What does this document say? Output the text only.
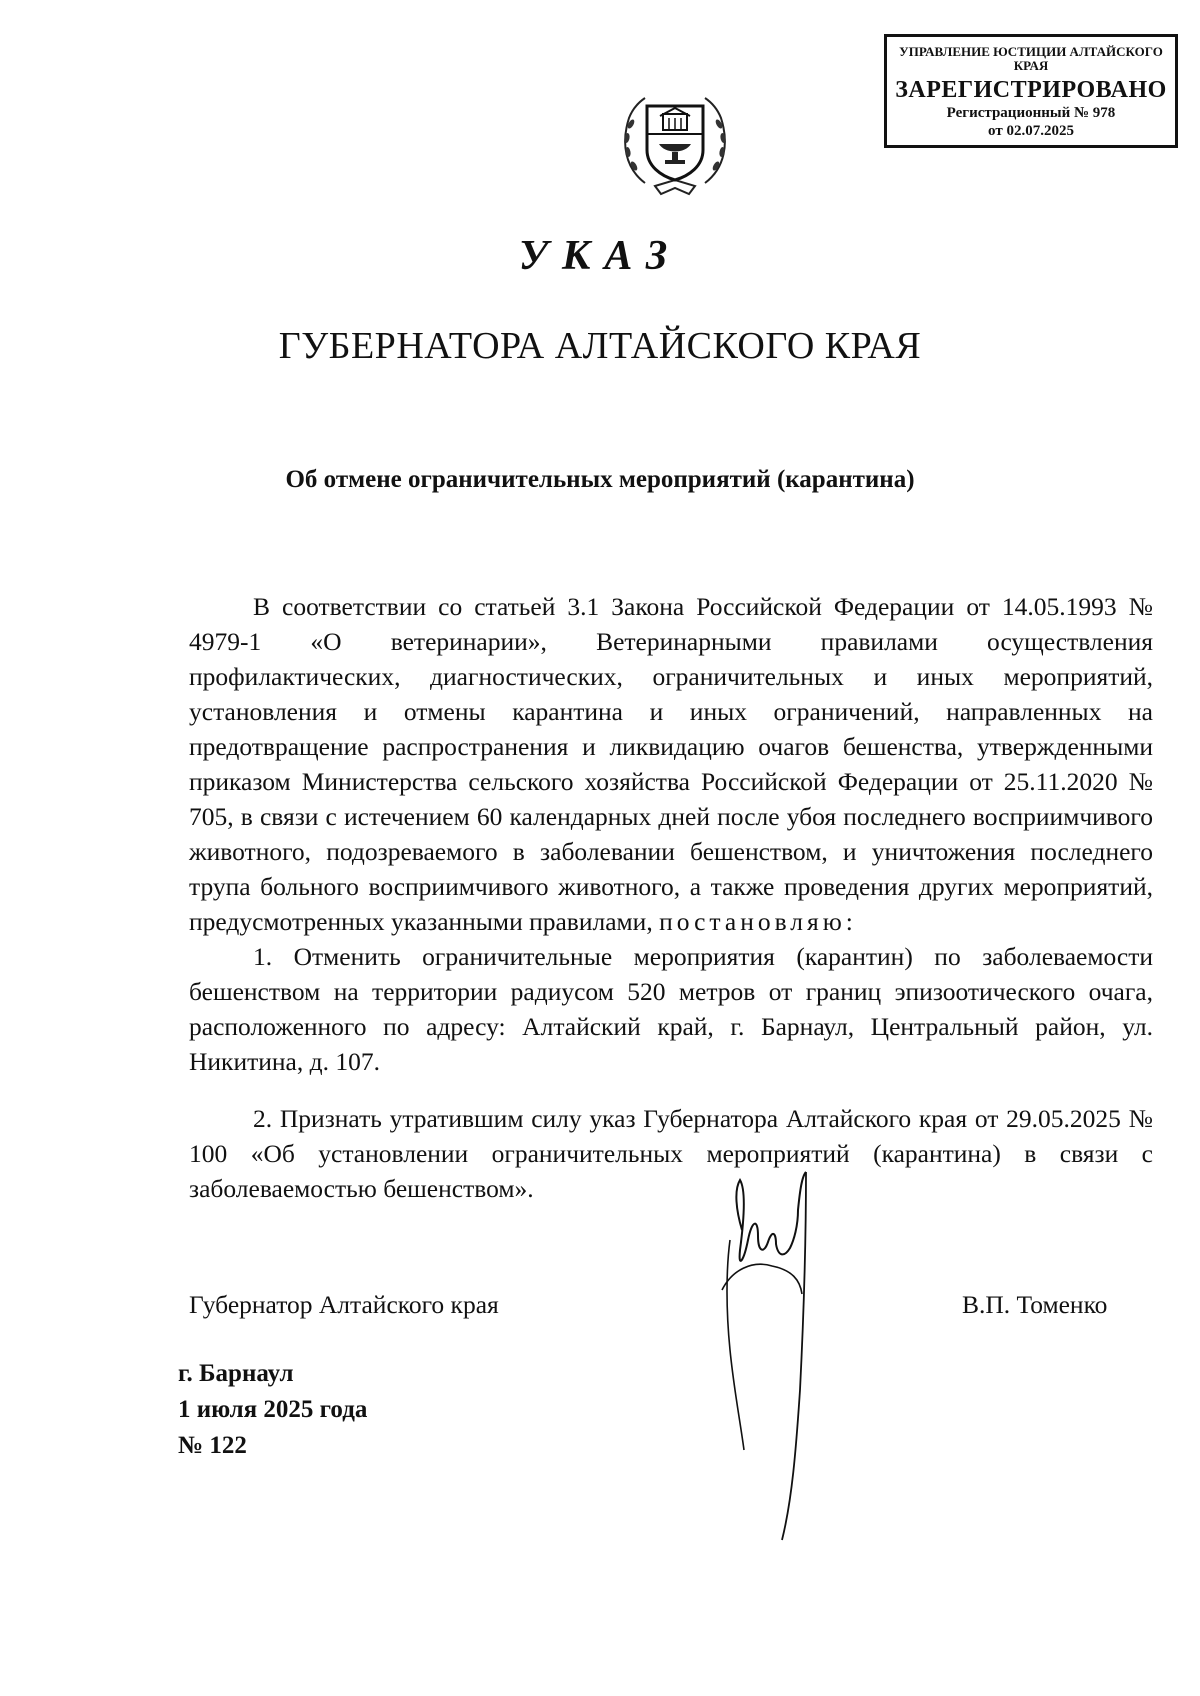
УПРАВЛЕНИЕ ЮСТИЦИИ АЛТАЙСКОГО КРАЯ
ЗАРЕГИСТРИРОВАНО
Регистрационный № 978
от 02.07.2025
УКАЗ
ГУБЕРНАТОРА АЛТАЙСКОГО КРАЯ
Об отмене ограничительных мероприятий (карантина)

В соответствии со статьей 3.1 Закона Российской Федерации от 14.05.1993 № 4979-1 «О ветеринарии», Ветеринарными правилами осуществления профилактических, диагностических, ограничительных и иных мероприятий, установления и отмены карантина и иных ограничений, направленных на предотвращение распространения и ликвидацию очагов бешенства, утвержденными приказом Министерства сельского хозяйства Российской Федерации от 25.11.2020 № 705, в связи с истечением 60 календарных дней после убоя последнего восприимчивого животного, подозреваемого в заболевании бешенством, и уничтожения последнего трупа больного восприимчивого животного, а также проведения других мероприятий, предусмотренных указанными правилами, постановляю:

1. Отменить ограничительные мероприятия (карантин) по заболеваемости бешенством на территории радиусом 520 метров от границ эпизоотического очага, расположенного по адресу: Алтайский край, г. Барнаул, Центральный район, ул. Никитина, д. 107.

2. Признать утратившим силу указ Губернатора Алтайского края от 29.05.2025 № 100 «Об установлении ограничительных мероприятий (карантина) в связи с заболеваемостью бешенством».

Губернатор Алтайского края	В.П. Томенко
г. Барнаул
1 июля 2025 года
№ 122
